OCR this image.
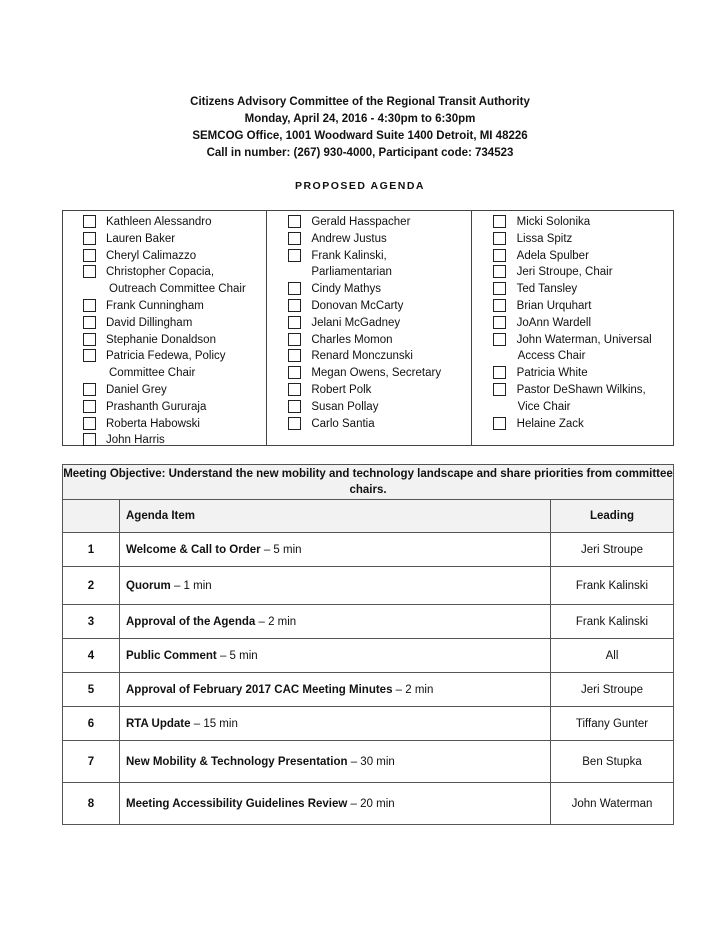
Citizens Advisory Committee of the Regional Transit Authority
Monday, April 24, 2016 - 4:30pm to 6:30pm
SEMCOG Office, 1001 Woodward Suite 1400 Detroit, MI 48226
Call in number: (267) 930-4000, Participant code: 734523
PROPOSED AGENDA
Kathleen Alessandro
Lauren Baker
Cheryl Calimazzo
Christopher Copacia,
Outreach Committee Chair
Frank Cunningham
David Dillingham
Stephanie Donaldson
Patricia Fedewa, Policy
Committee Chair
Daniel Grey
Prashanth Gururaja
Roberta Habowski
John Harris
Gerald Hasspacher
Andrew Justus
Frank Kalinski,
Parliamentarian
Cindy Mathys
Donovan McCarty
Jelani McGadney
Charles Momon
Renard Monczunski
Megan Owens, Secretary
Robert Polk
Susan Pollay
Carlo Santia
Micki Solonika
Lissa Spitz
Adela Spulber
Jeri Stroupe, Chair
Ted Tansley
Brian Urquhart
JoAnn Wardell
John Waterman, Universal
Access Chair
Patricia White
Pastor DeShawn Wilkins,
Vice Chair
Helaine Zack
Meeting Objective: Understand the new mobility and technology landscape and share priorities from committee chairs.		
	Agenda Item	Leading
1	Welcome & Call to Order – 5 min	Jeri Stroupe
2	Quorum – 1 min	Frank Kalinski
3	Approval of the Agenda – 2 min	Frank Kalinski
4	Public Comment – 5 min	All
5	Approval of February 2017 CAC Meeting Minutes – 2 min	Jeri Stroupe
6	RTA Update – 15 min	Tiffany Gunter
7	New Mobility & Technology Presentation – 30 min	Ben Stupka
8	Meeting Accessibility Guidelines Review – 20 min	John Waterman
